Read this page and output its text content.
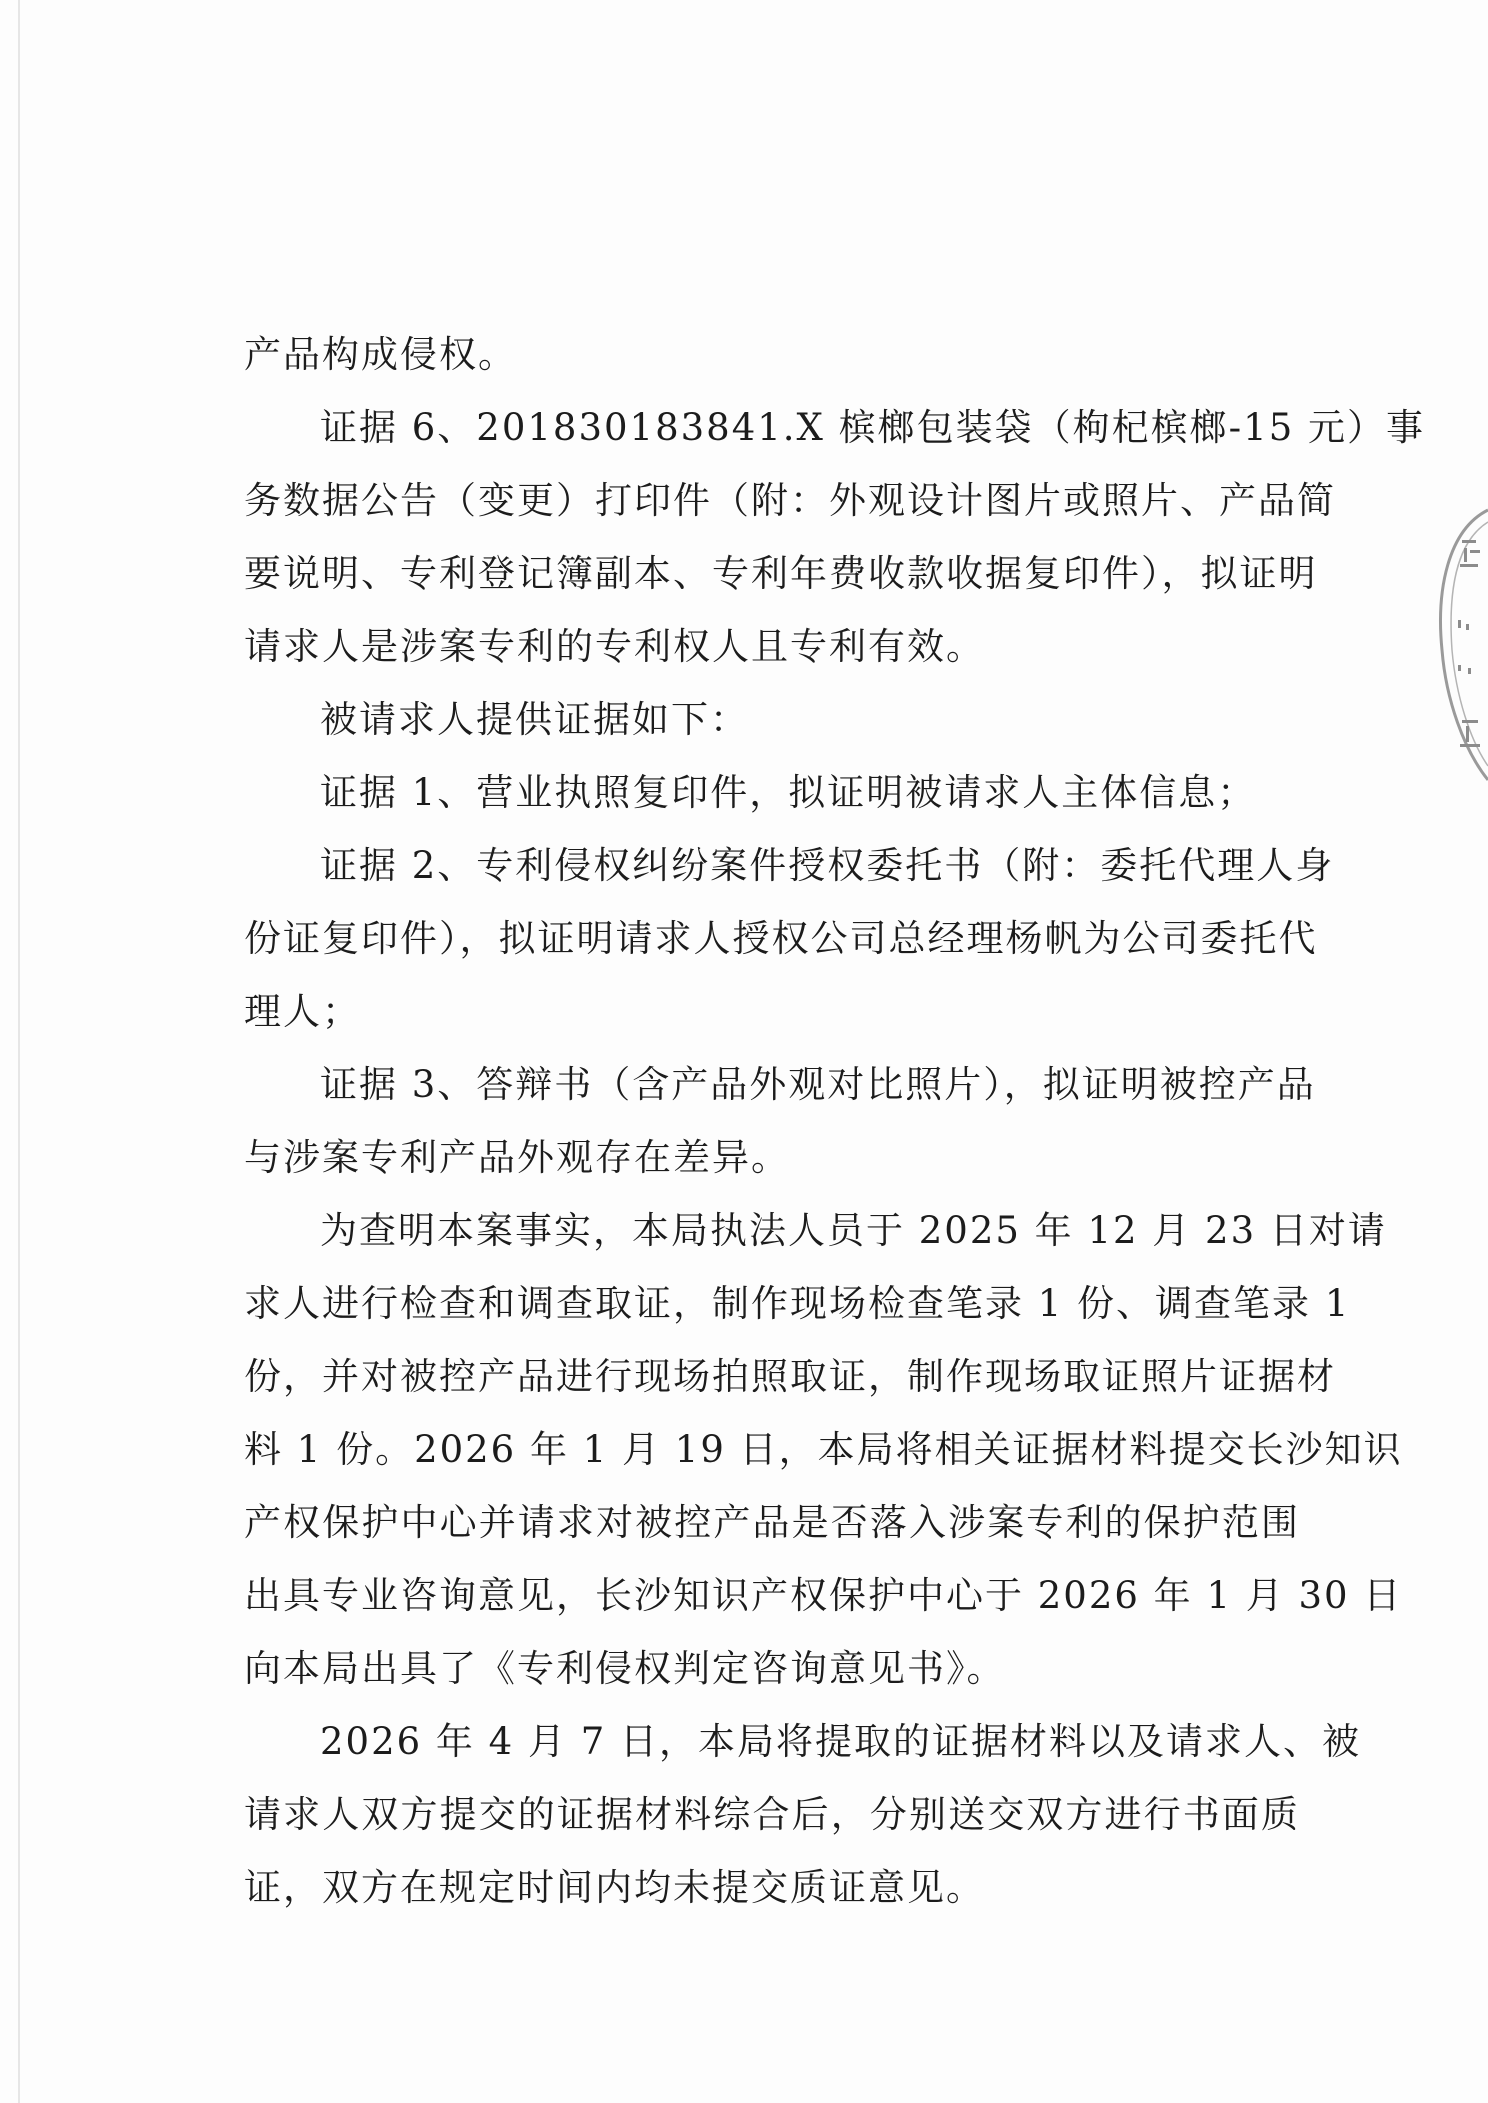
产品构成侵权。
证据 6、201830183841.X 槟榔包装袋（枸杞槟榔-15 元）事
务数据公告（变更）打印件（附：外观设计图片或照片、产品简
要说明、专利登记簿副本、专利年费收款收据复印件），拟证明
请求人是涉案专利的专利权人且专利有效。
被请求人提供证据如下：
证据 1、营业执照复印件，拟证明被请求人主体信息；
证据 2、专利侵权纠纷案件授权委托书（附：委托代理人身
份证复印件），拟证明请求人授权公司总经理杨帆为公司委托代
理人；
证据 3、答辩书（含产品外观对比照片），拟证明被控产品
与涉案专利产品外观存在差异。
为查明本案事实，本局执法人员于 2025 年 12 月 23 日对请
求人进行检查和调查取证，制作现场检查笔录 1 份、调查笔录 1
份，并对被控产品进行现场拍照取证，制作现场取证照片证据材
料 1 份。2026 年 1 月 19 日，本局将相关证据材料提交长沙知识
产权保护中心并请求对被控产品是否落入涉案专利的保护范围
出具专业咨询意见，长沙知识产权保护中心于 2026 年 1 月 30 日
向本局出具了《专利侵权判定咨询意见书》。
2026 年 4 月 7 日，本局将提取的证据材料以及请求人、被
请求人双方提交的证据材料综合后，分别送交双方进行书面质
证，双方在规定时间内均未提交质证意见。
